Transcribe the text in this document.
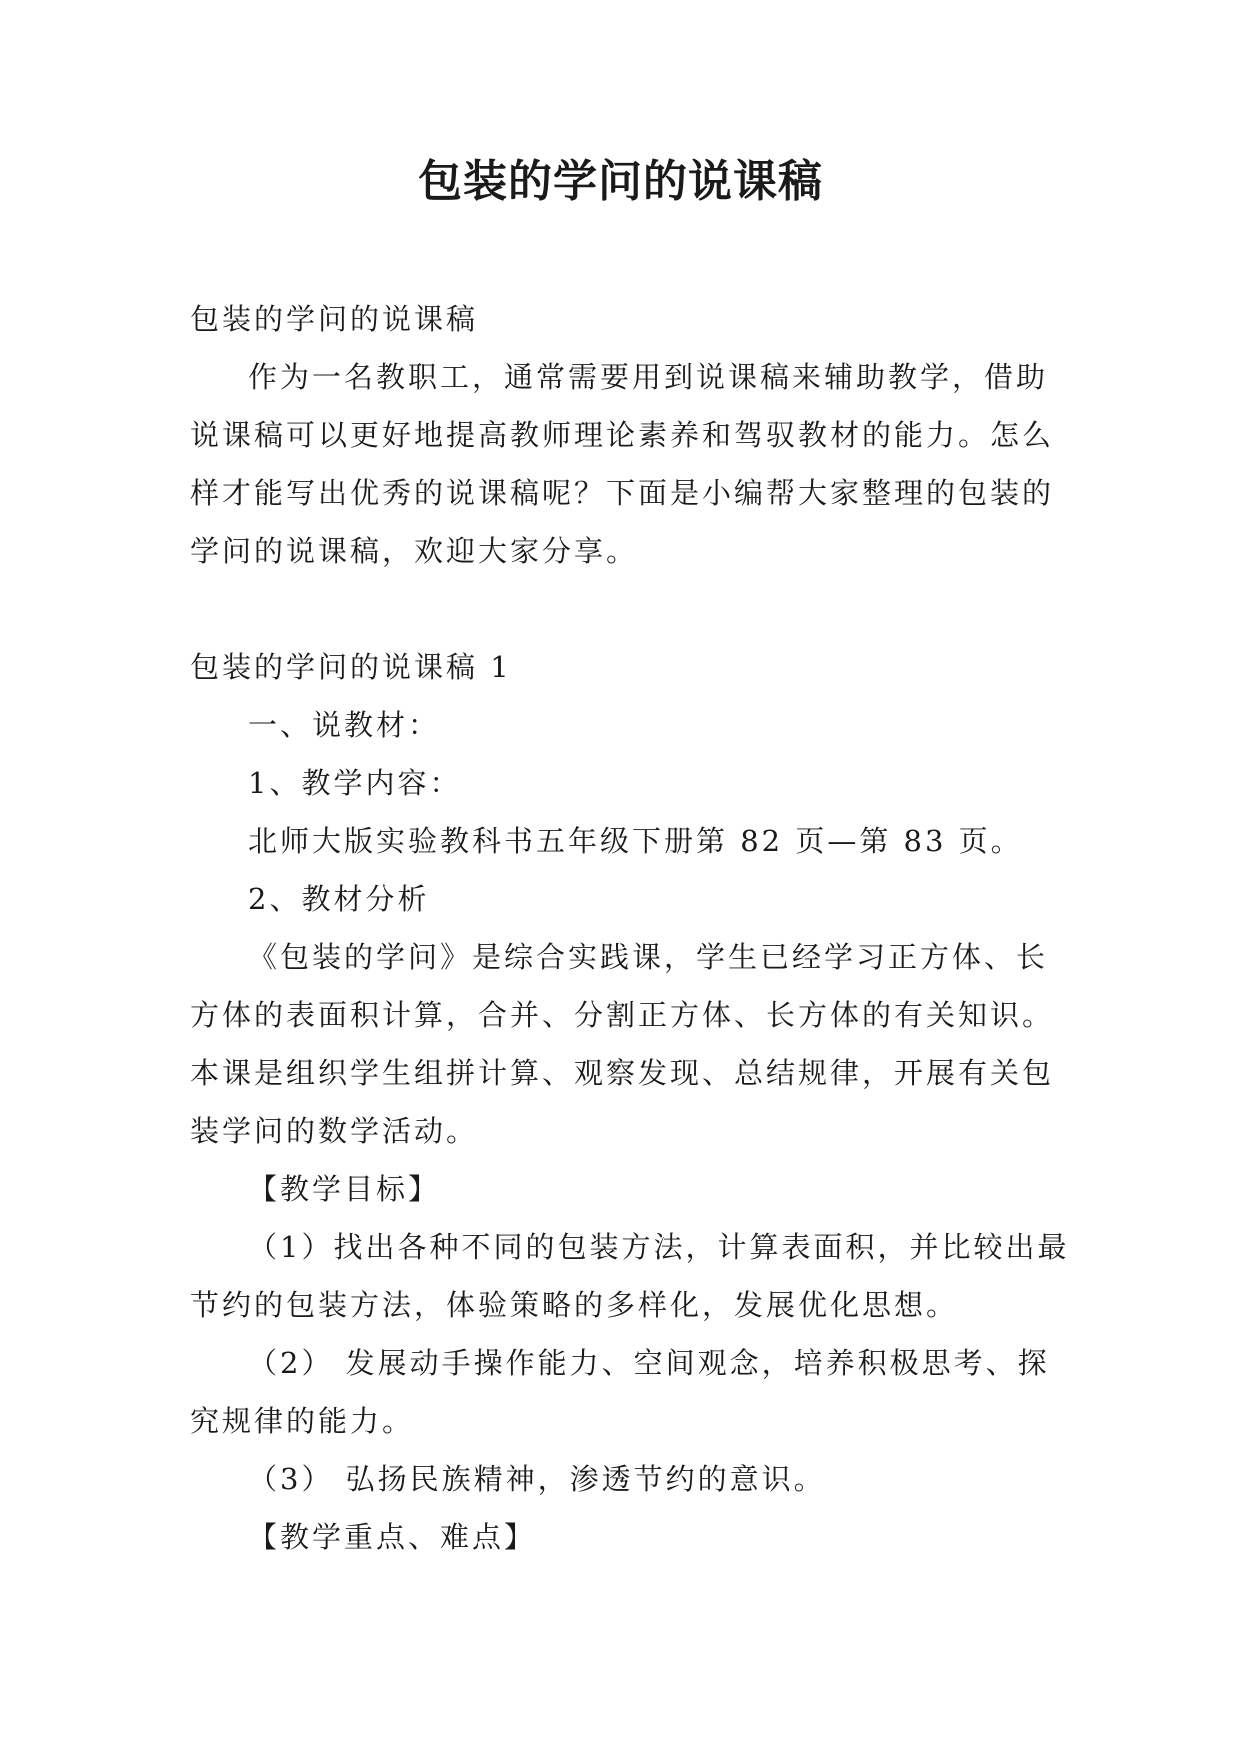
包装的学问的说课稿

包装的学问的说课稿

作为一名教职工，通常需要用到说课稿来辅助教学，借助说课稿可以更好地提高教师理论素养和驾驭教材的能力。怎么样才能写出优秀的说课稿呢？下面是小编帮大家整理的包装的学问的说课稿，欢迎大家分享。

包装的学问的说课稿 1

一、说教材：

1、教学内容：

北师大版实验教科书五年级下册第 82 页—第 83 页。

2、教材分析

《包装的学问》是综合实践课，学生已经学习正方体、长方体的表面积计算，合并、分割正方体、长方体的有关知识。本课是组织学生组拼计算、观察发现、总结规律，开展有关包装学问的数学活动。

【教学目标】

（1）找出各种不同的包装方法，计算表面积，并比较出最节约的包装方法，体验策略的多样化，发展优化思想。

（2） 发展动手操作能力、空间观念，培养积极思考、探究规律的能力。

（3） 弘扬民族精神，渗透节约的意识。

【教学重点、难点】
